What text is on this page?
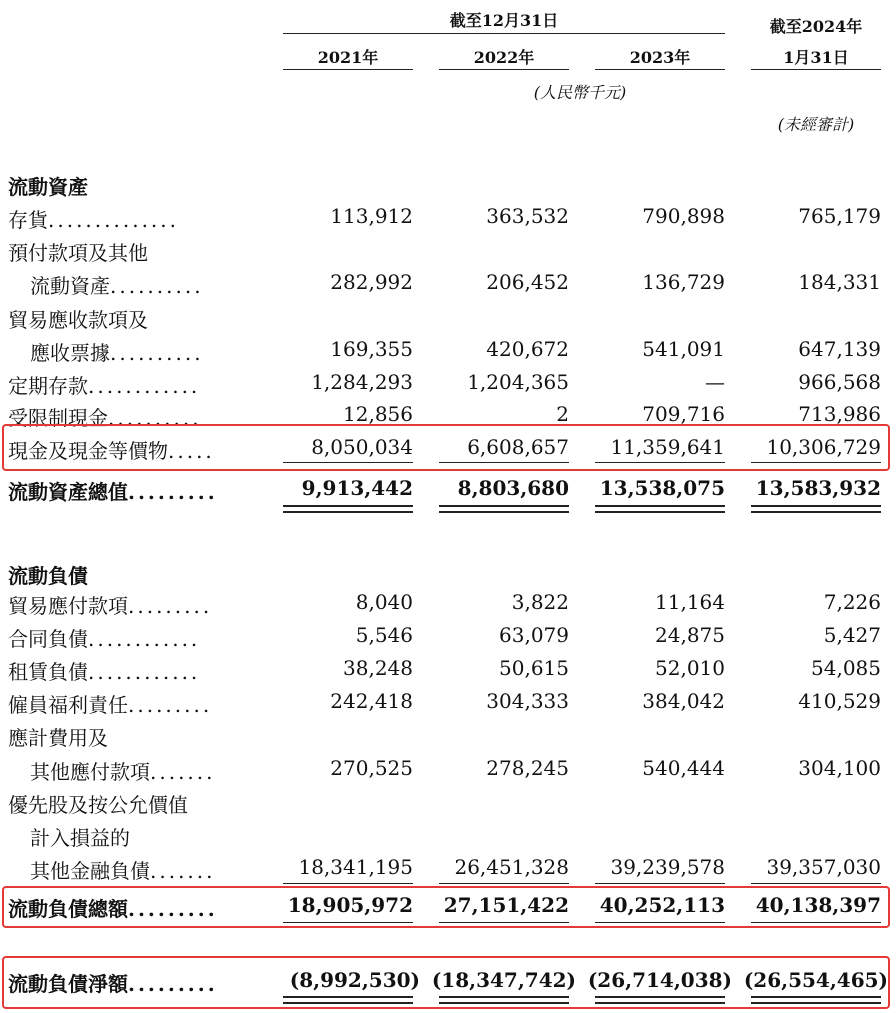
截至12月31日
2021年	2022年	2023年
截至2024年
1月31日
(人民幣千元)
(未經審計)
流動資產
存貨..............	113,912	363,532	790,898	765,179
預付款項及其他
流動資產..........	282,992	206,452	136,729	184,331
貿易應收款項及
應收票據..........	169,355	420,672	541,091	647,139
定期存款............	1,284,293	1,204,365	—	966,568
受限制現金..........	12,856	2	709,716	713,986
現金及現金等價物.....	8,050,034	6,608,657 11,359,641 10,306,729
流動資產總值.........	9,913,442 8,803,680 13,538,075 13,583,932
流動負債
貿易應付款項.........	8,040	3,822	11,164	7,226
合同負債............	5,546	63,079	24,875	5,427
租賃負債............	38,248	50,615	52,010	54,085
僱員福利責任.........	242,418	304,333	384,042	410,529
應計費用及
其他應付款項.......	270,525	278,245	540,444	304,100
優先股及按公允價值
計入損益的
其他金融負債.......	18,341,195 26,451,328 39,239,578 39,357,030
流動負債總額.........	18,905,972 27,151,422 40,252,113 40,138,397
流動負債淨額.........	(8,992,530) (18,347,742) (26,714,038) (26,554,465)
